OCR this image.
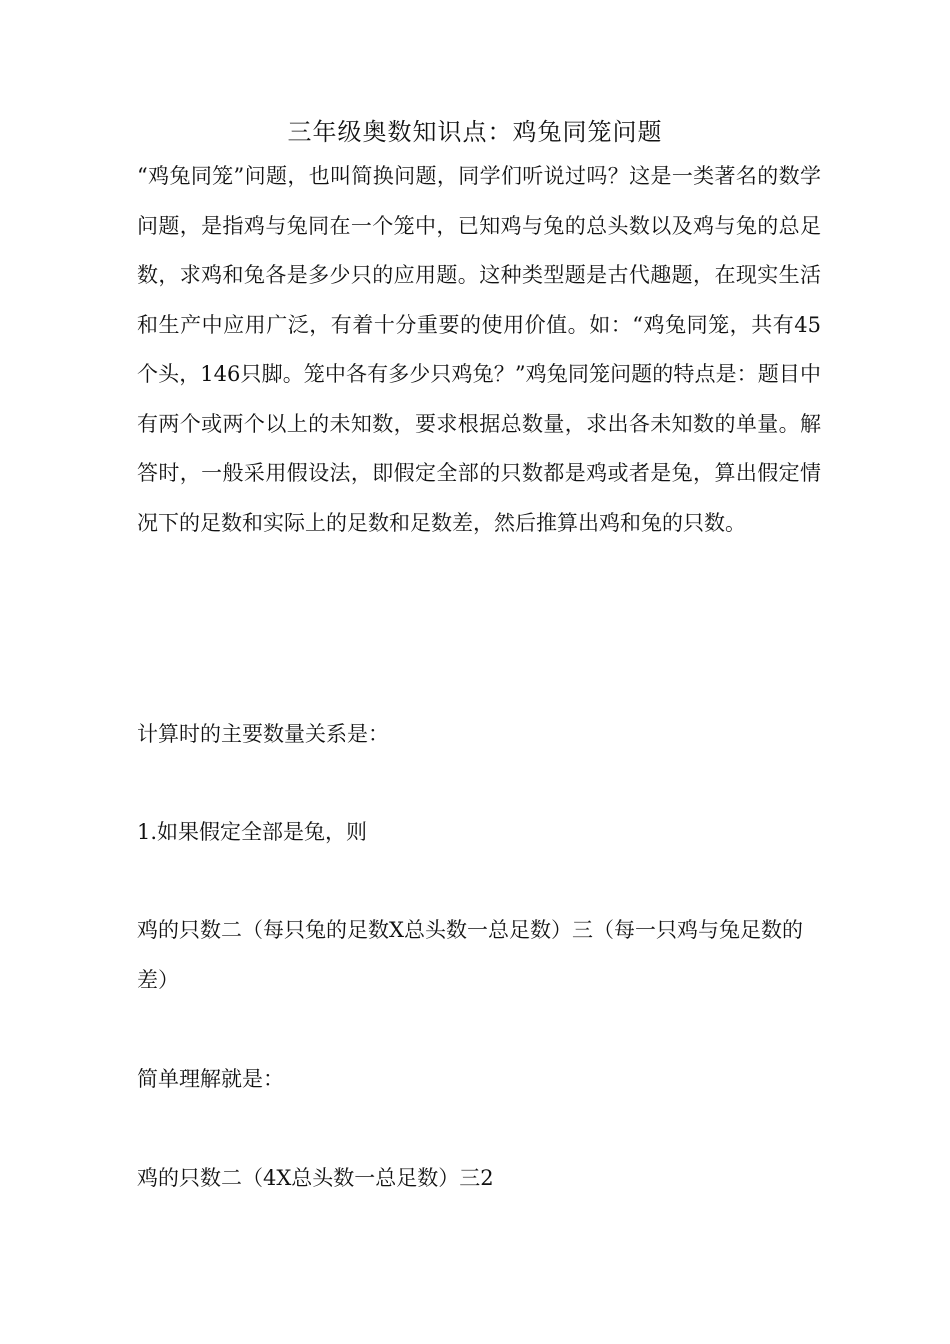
三年级奥数知识点：鸡兔同笼问题
“鸡兔同笼”问题，也叫简换问题，同学们听说过吗？这是一类著名的数学问题，是指鸡与兔同在一个笼中，已知鸡与兔的总头数以及鸡与兔的总足数，求鸡和兔各是多少只的应用题。这种类型题是古代趣题，在现实生活和生产中应用广泛，有着十分重要的使用价值。如：“鸡兔同笼，共有45个头，146只脚。笼中各有多少只鸡兔？”鸡兔同笼问题的特点是：题目中有两个或两个以上的未知数，要求根据总数量，求出各未知数的单量。解答时，一般采用假设法，即假定全部的只数都是鸡或者是兔，算出假定情况下的足数和实际上的足数和足数差，然后推算出鸡和兔的只数。
计算时的主要数量关系是：
1.如果假定全部是兔，则
鸡的只数二（每只兔的足数X总头数一总足数）三（每一只鸡与兔足数的差）
简单理解就是：
鸡的只数二（4X总头数一总足数）三2
